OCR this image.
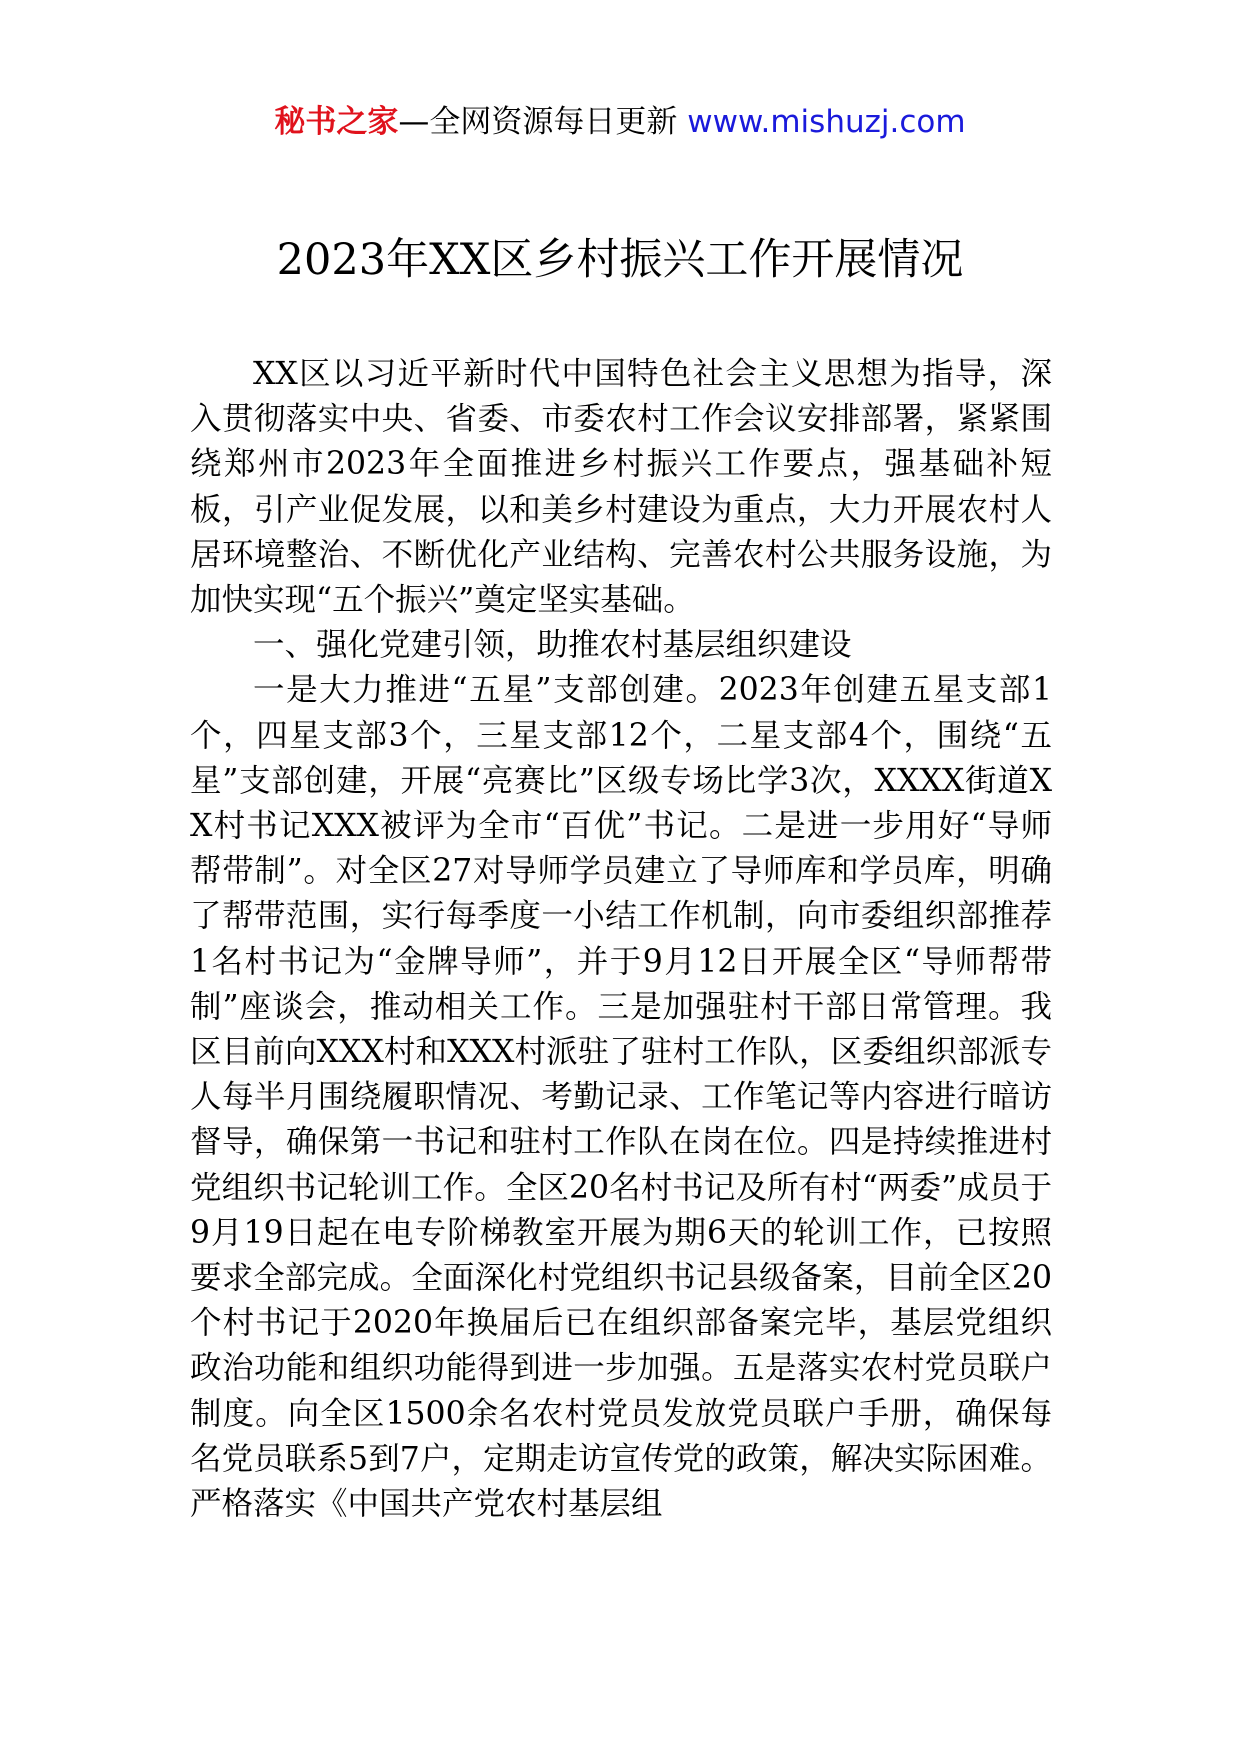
秘书之家—全网资源每日更新 www.mishuzj.com
2023年XX区乡村振兴工作开展情况

XX区以习近平新时代中国特色社会主义思想为指导，深入贯彻落实中央、省委、市委农村工作会议安排部署，紧紧围绕郑州市2023年全面推进乡村振兴工作要点，强基础补短板，引产业促发展，以和美乡村建设为重点，大力开展农村人居环境整治、不断优化产业结构、完善农村公共服务设施，为加快实现“五个振兴”奠定坚实基础。

一、强化党建引领，助推农村基层组织建设

一是大力推进“五星”支部创建。2023年创建五星支部1个，四星支部3个，三星支部12个，二星支部4个，围绕“五星”支部创建，开展“亮赛比”区级专场比学3次，XXXX街道XX村书记XXX被评为全市“百优”书记。二是进一步用好“导师帮带制”。对全区27对导师学员建立了导师库和学员库，明确了帮带范围，实行每季度一小结工作机制，向市委组织部推荐1名村书记为“金牌导师”，并于9月12日开展全区“导师帮带制”座谈会，推动相关工作。三是加强驻村干部日常管理。我区目前向XXX村和XXX村派驻了驻村工作队，区委组织部派专人每半月围绕履职情况、考勤记录、工作笔记等内容进行暗访督导，确保第一书记和驻村工作队在岗在位。四是持续推进村党组织书记轮训工作。全区20名村书记及所有村“两委”成员于9月19日起在电专阶梯教室开展为期6天的轮训工作，已按照要求全部完成。全面深化村党组织书记县级备案，目前全区20个村书记于2020年换届后已在组织部备案完毕，基层党组织政治功能和组织功能得到进一步加强。五是落实农村党员联户制度。向全区1500余名农村党员发放党员联户手册，确保每名党员联系5到7户，定期走访宣传党的政策，解决实际困难。严格落实《中国共产党农村基层组
